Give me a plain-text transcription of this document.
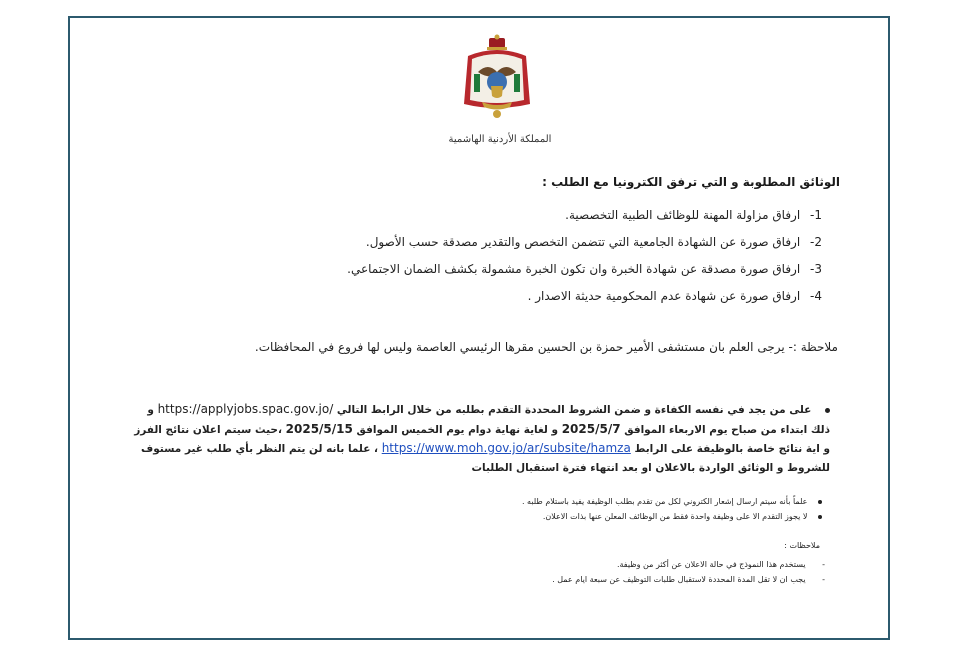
المملكة الأردنية الهاشمية
الوثائق المطلوبة و التي ترفق الكترونيا مع الطلب :
1- ارفاق مزاولة المهنة للوظائف الطبية التخصصية.
2- ارفاق صورة عن الشهادة الجامعية التي تتضمن التخصص والتقدير مصدقة حسب الأصول.
3- ارفاق صورة مصدقة عن شهادة الخبرة وان تكون الخبرة مشمولة بكشف الضمان الاجتماعي.
4- ارفاق صورة عن شهادة عدم المحكومية حديثة الاصدار .
ملاحظة :- يرجى العلم بان مستشفى الأمير حمزة بن الحسين مقرها الرئيسي العاصمة وليس لها فروع في المحافظات.
على من يجد في نفسه الكفاءة و ضمن الشروط المحددة التقدم بطلبه من خلال الرابط التالي https://applyjobs.spac.gov.jo/ و ذلك ابتداء من صباح يوم الاربعاء الموافق 2025/5/7 و لغاية نهاية دوام يوم الخميس الموافق 2025/5/15 ،حيث سيتم اعلان نتائج الفرز و اية نتائج خاصة بالوظيفة على الرابط https://www.moh.gov.jo/ar/subsite/hamza ، علما بانه لن يتم النظر بأي طلب غير مستوف للشروط و الوثائق الواردة بالاعلان او بعد انتهاء فترة استقبال الطلبات
علماً بأنه سيتم ارسال إشعار الكتروني لكل من تقدم بطلب الوظيفة يفيد باستلام طلبه .
لا يجوز التقدم الا على وظيفة واحدة فقط من الوظائف المعلن عنها بذات الاعلان.
ملاحظات :
- يستخدم هذا النموذج في حالة الاعلان عن أكثر من وظيفة.
- يجب ان لا تقل المدة المحددة لاستقبال طلبات التوظيف عن سبعة ايام عمل .
